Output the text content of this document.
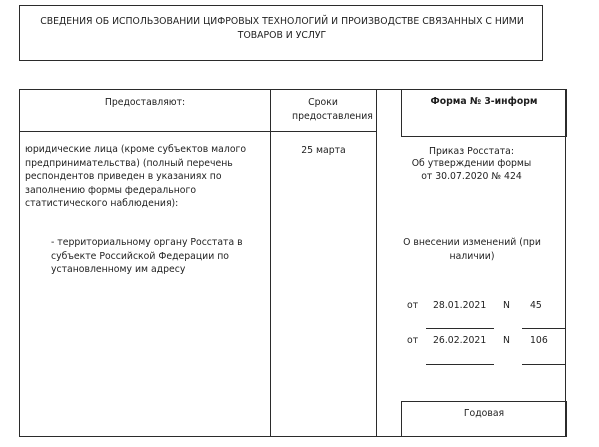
СВЕДЕНИЯ ОБ ИСПОЛЬЗОВАНИИ ЦИФРОВЫХ ТЕХНОЛОГИЙ И ПРОИЗВОДСТВЕ СВЯЗАННЫХ С НИМИ ТОВАРОВ И УСЛУГ
Предоставляют:	Сроки предоставления
Форма № 3-информ
юридические лица (кроме субъектов малого предпринимательства) (полный перечень респондентов приведен в указаниях по заполнению формы федерального статистического наблюдения):
- территориальному органу Росстата в субъекте Российской Федерации по установленному им адресу
25 марта	Приказ Росстата:
Об утверждении формы
от 30.07.2020 № 424
О внесении изменений (при наличии)
от 28.01.2021 N 45
от 26.02.2021 N 106
Годовая
